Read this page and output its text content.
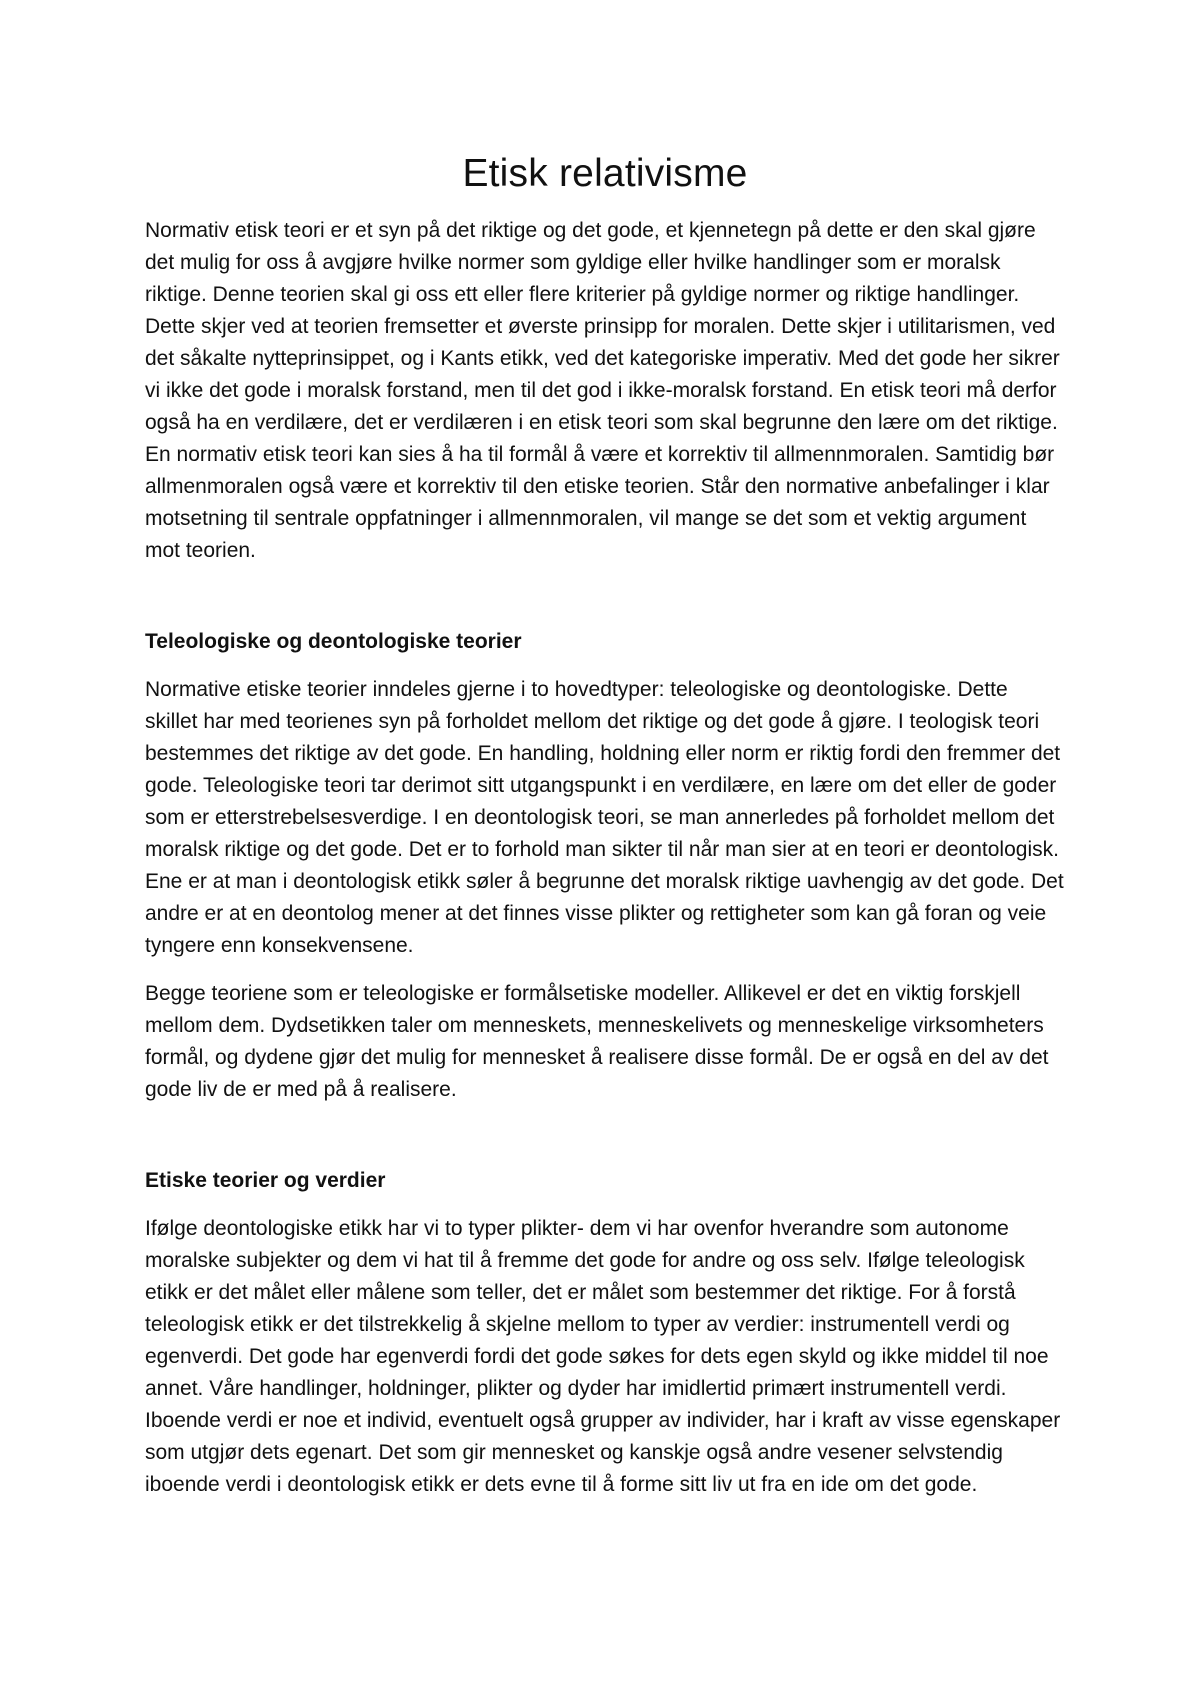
Etisk relativisme

Normativ etisk teori er et syn på det riktige og det gode, et kjennetegn på dette er den skal gjøre det mulig for oss å avgjøre hvilke normer som gyldige eller hvilke handlinger som er moralsk riktige. Denne teorien skal gi oss ett eller flere kriterier på gyldige normer og riktige handlinger. Dette skjer ved at teorien fremsetter et øverste prinsipp for moralen. Dette skjer i utilitarismen, ved det såkalte nytteprinsippet, og i Kants etikk, ved det kategoriske imperativ. Med det gode her sikrer vi ikke det gode i moralsk forstand, men til det god i ikke-moralsk forstand. En etisk teori må derfor også ha en verdilære, det er verdilæren i en etisk teori som skal begrunne den lære om det riktige. En normativ etisk teori kan sies å ha til formål å være et korrektiv til allmennmoralen. Samtidig bør allmenmoralen også være et korrektiv til den etiske teorien. Står den normative anbefalinger i klar motsetning til sentrale oppfatninger i allmennmoralen, vil mange se det som et vektig argument mot teorien.

Teleologiske og deontologiske teorier

Normative etiske teorier inndeles gjerne i to hovedtyper: teleologiske og deontologiske. Dette skillet har med teorienes syn på forholdet mellom det riktige og det gode å gjøre. I teologisk teori bestemmes det riktige av det gode. En handling, holdning eller norm er riktig fordi den fremmer det gode. Teleologiske teori tar derimot sitt utgangspunkt i en verdilære, en lære om det eller de goder som er etterstrebelsesverdige. I en deontologisk teori, se man annerledes på forholdet mellom det moralsk riktige og det gode. Det er to forhold man sikter til når man sier at en teori er deontologisk. Ene er at man i deontologisk etikk søler å begrunne det moralsk riktige uavhengig av det gode. Det andre er at en deontolog mener at det finnes visse plikter og rettigheter som kan gå foran og veie tyngere enn konsekvensene.

Begge teoriene som er teleologiske er formålsetiske modeller. Allikevel er det en viktig forskjell mellom dem. Dydsetikken taler om menneskets, menneskelivets og menneskelige virksomheters formål, og dydene gjør det mulig for mennesket å realisere disse formål. De er også en del av det gode liv de er med på å realisere.

Etiske teorier og verdier

Ifølge deontologiske etikk har vi to typer plikter- dem vi har ovenfor hverandre som autonome moralske subjekter og dem vi hat til å fremme det gode for andre og oss selv. Ifølge teleologisk etikk er det målet eller målene som teller, det er målet som bestemmer det riktige. For å forstå teleologisk etikk er det tilstrekkelig å skjelne mellom to typer av verdier: instrumentell verdi og egenverdi. Det gode har egenverdi fordi det gode søkes for dets egen skyld og ikke middel til noe annet. Våre handlinger, holdninger, plikter og dyder har imidlertid primært instrumentell verdi. Iboende verdi er noe et individ, eventuelt også grupper av individer, har i kraft av visse egenskaper som utgjør dets egenart. Det som gir mennesket og kanskje også andre vesener selvstendig iboende verdi i deontologisk etikk er dets evne til å forme sitt liv ut fra en ide om det gode.
